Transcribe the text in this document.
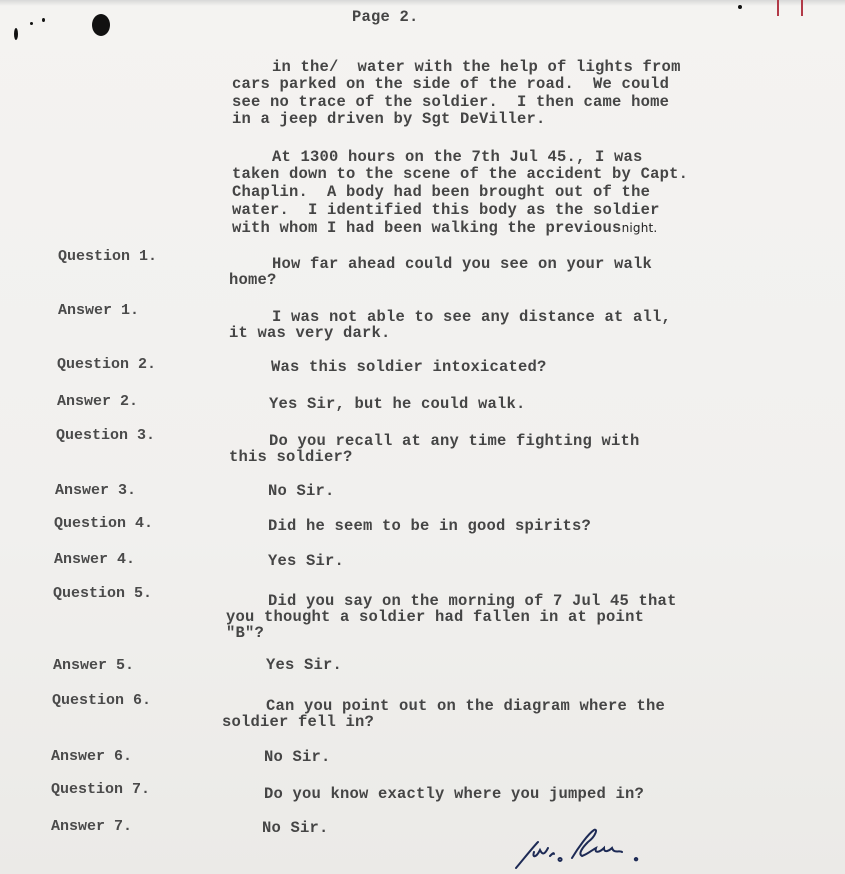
Page 2.
in the/  water with the help of lights from
cars parked on the side of the road.  We could
see no trace of the soldier.  I then came home
in a jeep driven by Sgt DeViller.
At 1300 hours on the 7th Jul 45., I was
taken down to the scene of the accident by Capt.
Chaplin.  A body had been brought out of the
water.  I identified this body as the soldier
with whom I had been walking the previousnight.
Question 1.	How far ahead could you see on your walk
home?
Answer 1.	I was not able to see any distance at all,
it was very dark.
Question 2.	Was this soldier intoxicated?
Answer 2.	Yes Sir, but he could walk.
Question 3.	Do you recall at any time fighting with
this soldier?
Answer 3.	No Sir.
Question 4.	Did he seem to be in good spirits?
Answer 4.	Yes Sir.
Question 5.	Did you say on the morning of 7 Jul 45 that
you thought a soldier had fallen in at point
"B"?
Answer 5.	Yes Sir.
Question 6.	Can you point out on the diagram where the
soldier fell in?
Answer 6.	No Sir.
Question 7.	Do you know exactly where you jumped in?
Answer 7.	No Sir.
